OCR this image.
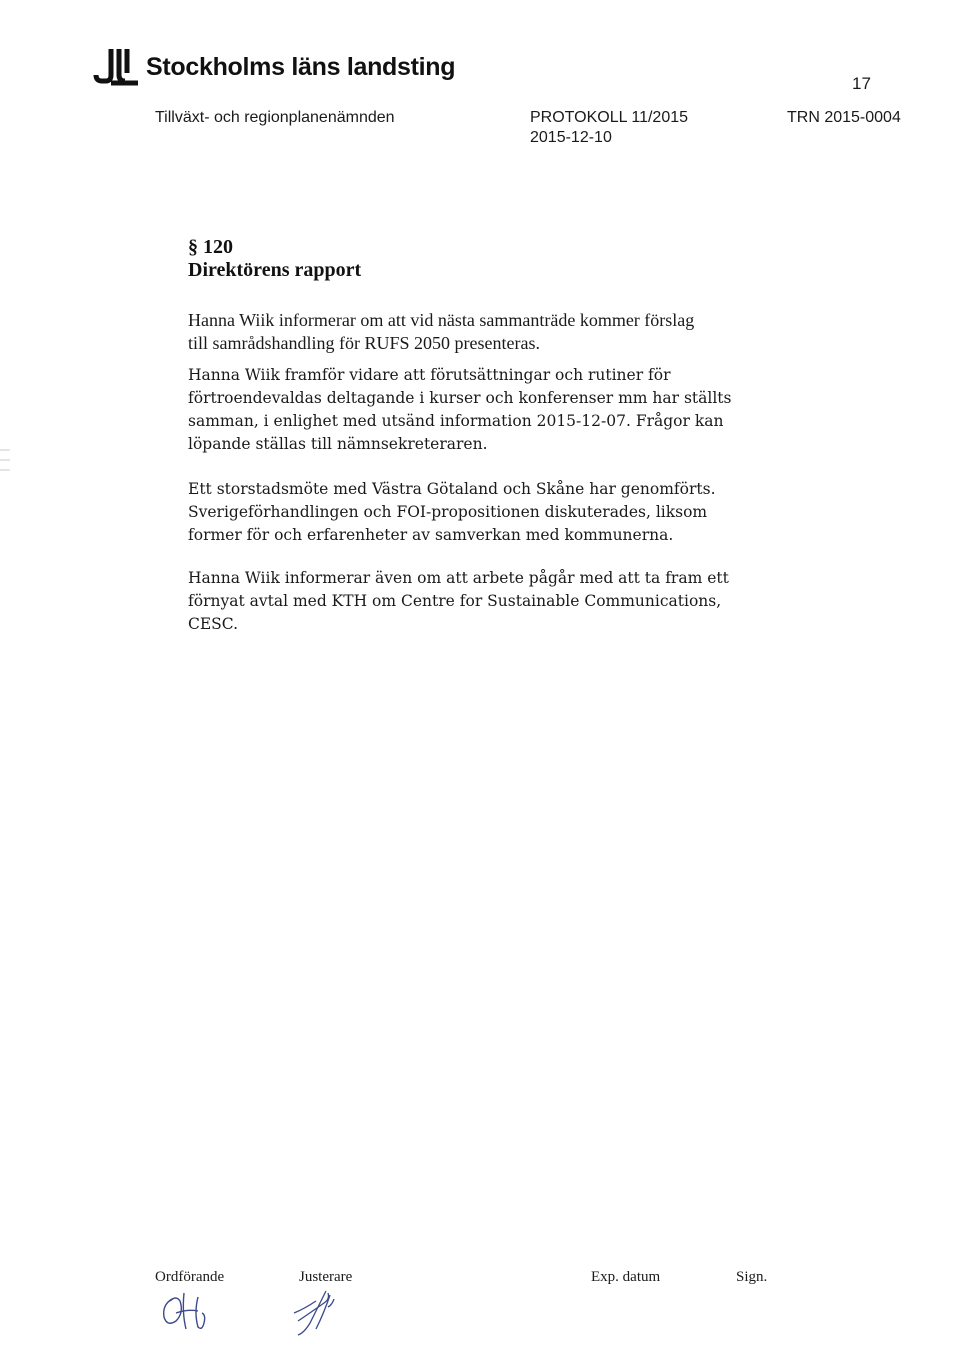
Stockholms läns landsting
17
Tillväxt- och regionplanenämnden	PROTOKOLL 11/2015
2015-12-10
TRN 2015-0004
§ 120
Direktörens rapport
Hanna Wiik informerar om att vid nästa sammanträde kommer förslag
till samrådshandling för RUFS 2050 presenteras.
Hanna Wiik framför vidare att förutsättningar och rutiner för
förtroendevaldas deltagande i kurser och konferenser mm har ställts
samman, i enlighet med utsänd information 2015-12-07. Frågor kan
löpande ställas till nämnsekreteraren.
Ett storstadsmöte med Västra Götaland och Skåne har genomförts.
Sverigeförhandlingen och FOI-propositionen diskuterades, liksom
former för och erfarenheter av samverkan med kommunerna.
Hanna Wiik informerar även om att arbete pågår med att ta fram ett
förnyat avtal med KTH om Centre for Sustainable Communications,
CESC.
Ordförande	Justerare	Exp. datum	Sign.
